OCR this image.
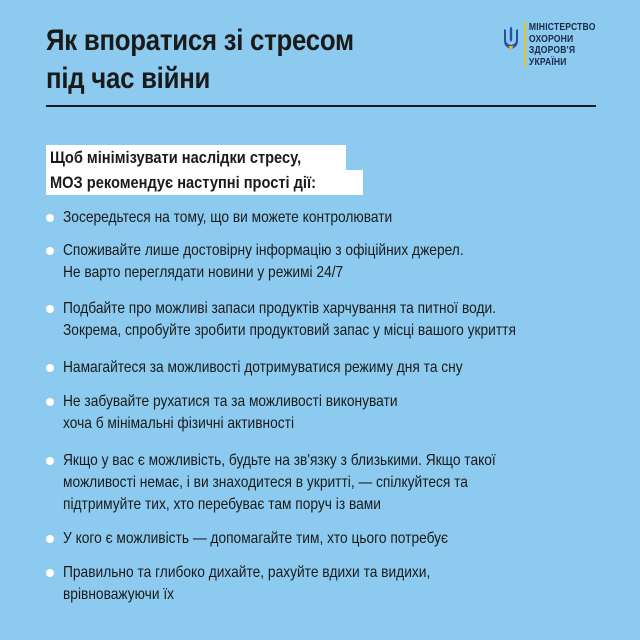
Як впоратися зі стресом
під час війни
МІНІСТЕРСТВО
ОХОРОНИ
ЗДОРОВ'Я
УКРАЇНИ
Щоб мінімізувати наслідки стресу,
МОЗ рекомендує наступні прості дії:
Зосередьтеся на тому, що ви можете контролювати
Споживайте лише достовірну інформацію з офіційних джерел.
Не варто переглядати новини у режимі 24/7
Подбайте про можливі запаси продуктів харчування та питної води.
Зокрема, спробуйте зробити продуктовий запас у місці вашого укриття
Намагайтеся за можливості дотримуватися режиму дня та сну
Не забувайте рухатися та за можливості виконувати
хоча б мінімальні фізичні активності
Якщо у вас є можливість, будьте на зв'язку з близькими. Якщо такої
можливості немає, і ви знаходитеся в укритті, — спілкуйтеся та
підтримуйте тих, хто перебуває там поруч із вами
У кого є можливість — допомагайте тим, хто цього потребує
Правильно та глибоко дихайте, рахуйте вдихи та видихи,
врівноважуючи їх
